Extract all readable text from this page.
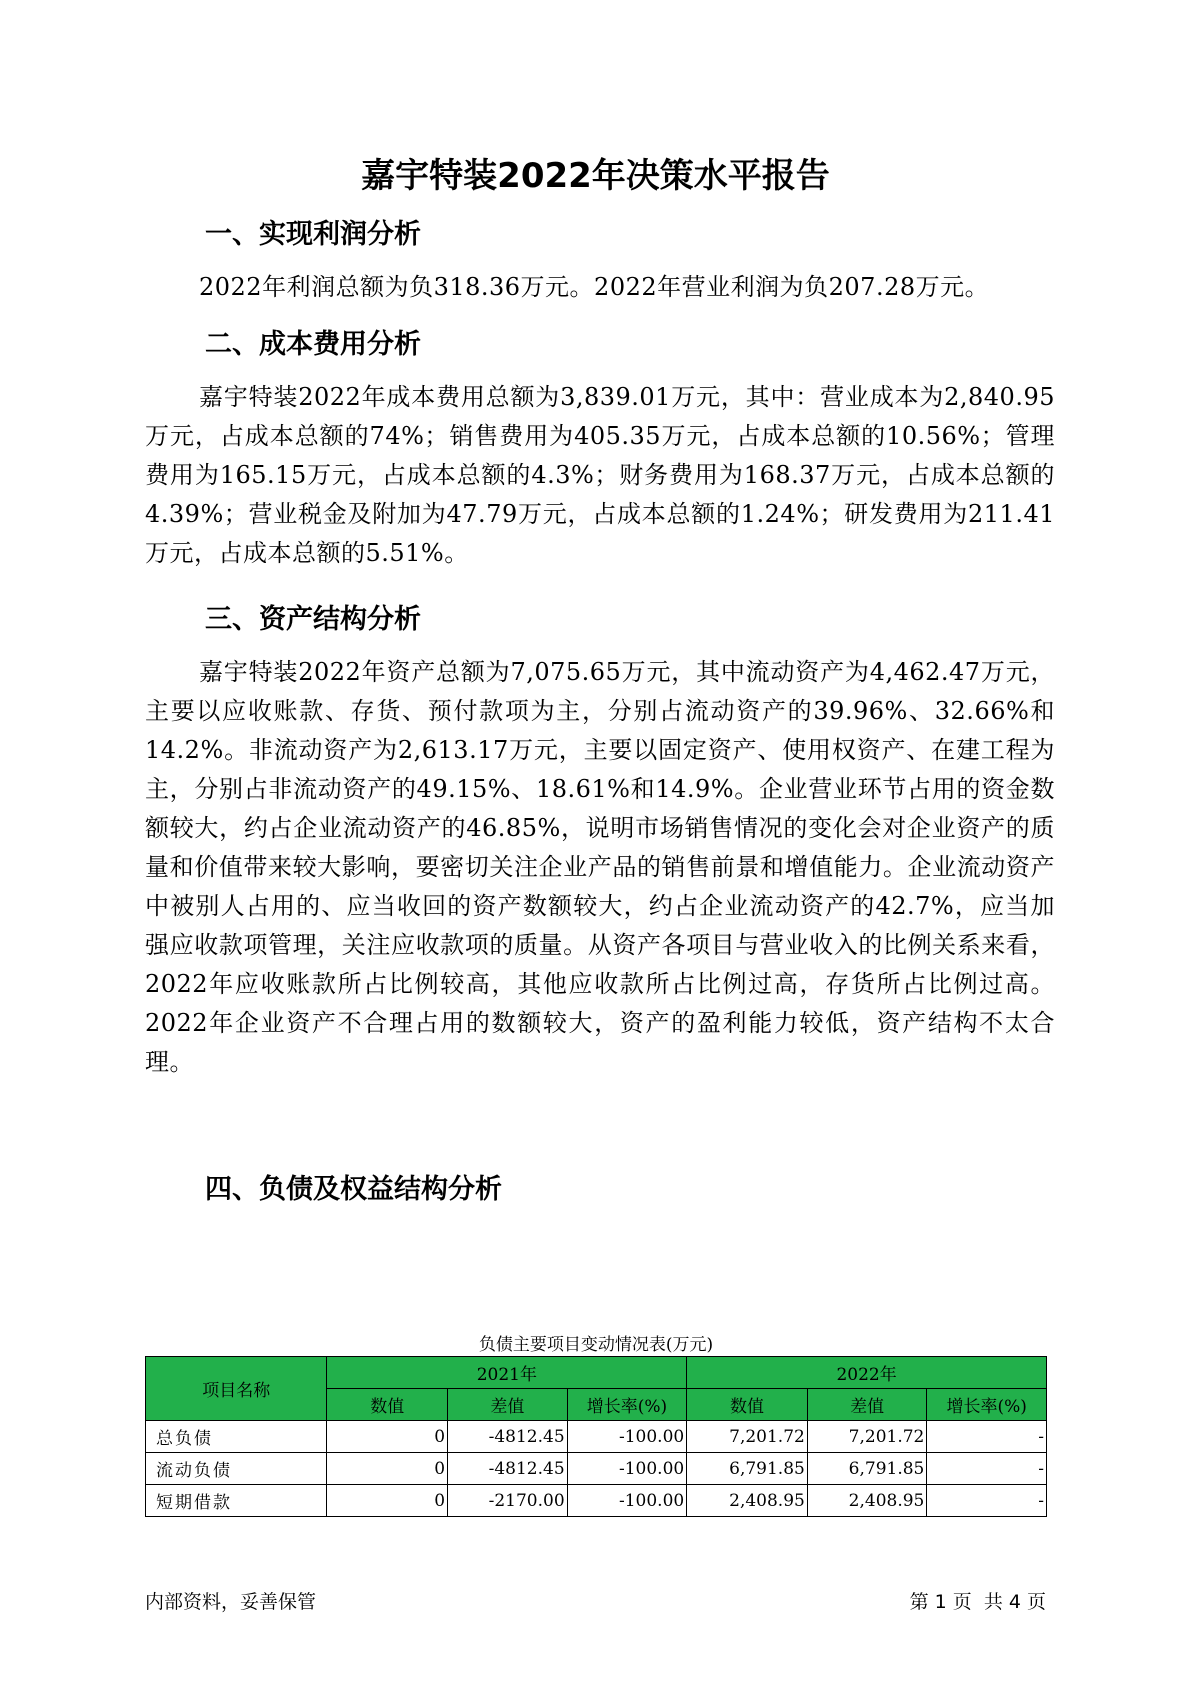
嘉宇特装2022年决策水平报告
一、实现利润分析

2022年利润总额为负318.36万元。2022年营业利润为负207.28万元。

二、成本费用分析

嘉宇特装2022年成本费用总额为3,839.01万元，其中：营业成本为2,840.95万元，占成本总额的74%；销售费用为405.35万元，占成本总额的10.56%；管理费用为165.15万元，占成本总额的4.3%；财务费用为168.37万元，占成本总额的4.39%；营业税金及附加为47.79万元，占成本总额的1.24%；研发费用为211.41万元，占成本总额的5.51%。

三、资产结构分析

嘉宇特装2022年资产总额为7,075.65万元，其中流动资产为4,462.47万元，主要以应收账款、存货、预付款项为主，分别占流动资产的39.96%、32.66%和14.2%。非流动资产为2,613.17万元，主要以固定资产、使用权资产、在建工程为主，分别占非流动资产的49.15%、18.61%和14.9%。企业营业环节占用的资金数额较大，约占企业流动资产的46.85%，说明市场销售情况的变化会对企业资产的质量和价值带来较大影响，要密切关注企业产品的销售前景和增值能力。企业流动资产中被别人占用的、应当收回的资产数额较大，约占企业流动资产的42.7%，应当加强应收款项管理，关注应收款项的质量。从资产各项目与营业收入的比例关系来看，2022年应收账款所占比例较高，其他应收款所占比例过高，存货所占比例过高。2022年企业资产不合理占用的数额较大，资产的盈利能力较低，资产结构不太合理。

四、负债及权益结构分析
负债主要项目变动情况表(万元)
项目名称	2021年			2022年		
	数值	差值	增长率(%)	数值	差值	增长率(%)
总负债	0	-4812.45	-100.00	7,201.72	7,201.72	-
流动负债	0	-4812.45	-100.00	6,791.85	6,791.85	-
短期借款	0	-2170.00	-100.00	2,408.95	2,408.95	-
内部资料，妥善保管	第 1 页  共 4 页
